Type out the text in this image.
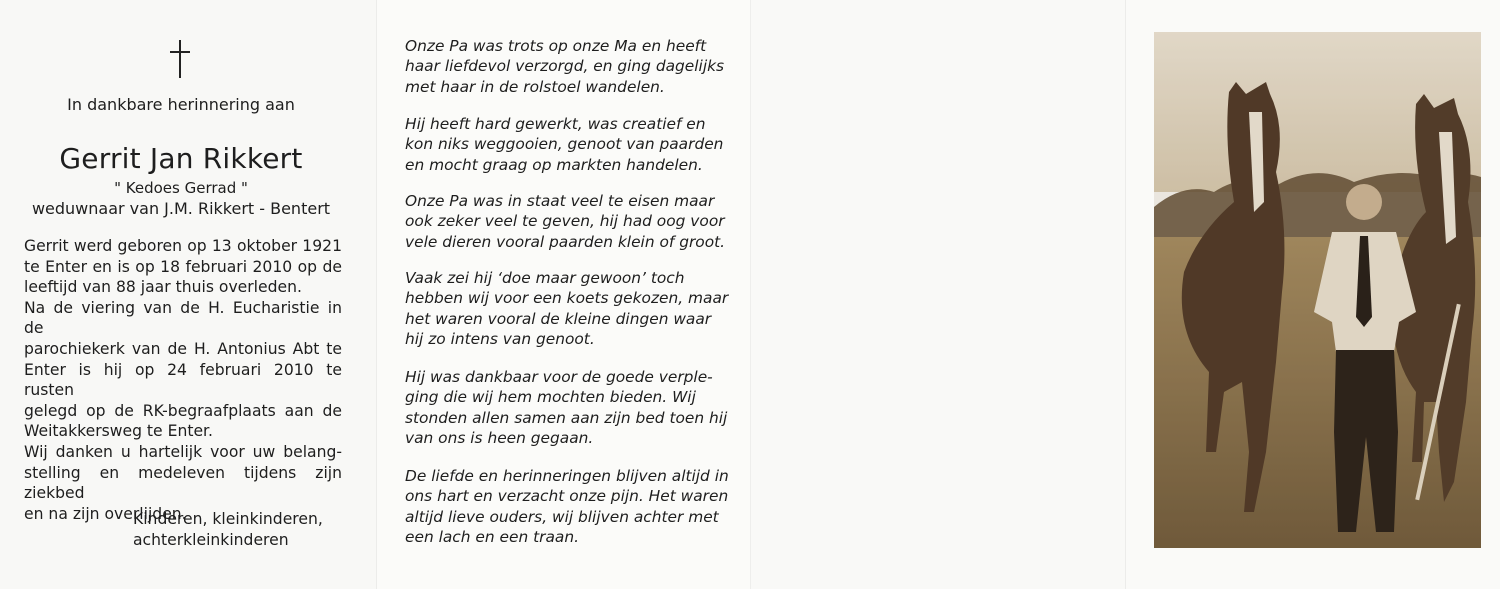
In dankbare herinnering aan
Gerrit Jan Rikkert
" Kedoes Gerrad "
weduwnaar van J.M. Rikkert - Bentert
Gerrit werd geboren op 13 oktober 1921
te Enter en is op 18 februari 2010 op de
leeftijd van 88 jaar thuis overleden.
Na de viering van de H. Eucharistie in de
parochiekerk van de H. Antonius Abt te
Enter is hij op 24 februari 2010 te rusten
gelegd op de RK-begraafplaats aan de
Weitakkersweg te Enter.
Wij danken u hartelijk voor uw belang-
stelling en medeleven tijdens zijn ziekbed
en na zijn overlijden.
Kinderen, kleinkinderen,
achterkleinkinderen
Onze Pa was trots op onze Ma en heeft
haar liefdevol verzorgd, en ging dagelijks
met haar in de rolstoel wandelen.
Hij heeft hard gewerkt, was creatief en
kon niks weggooien, genoot van paarden
en mocht graag op markten handelen.
Onze Pa was in staat veel te eisen maar
ook zeker veel te geven, hij had oog voor
vele dieren vooral paarden klein of groot.
Vaak zei hij ‘doe maar gewoon’ toch
hebben wij voor een koets gekozen, maar
het waren vooral de kleine dingen waar
hij zo intens van genoot.
Hij was dankbaar voor de goede verple-
ging die wij hem mochten bieden. Wij
stonden allen samen aan zijn bed toen hij
van ons is heen gegaan.
De liefde en herinneringen blijven altijd in
ons hart en verzacht onze pijn. Het waren
altijd lieve ouders, wij blijven achter met
een lach en een traan.
